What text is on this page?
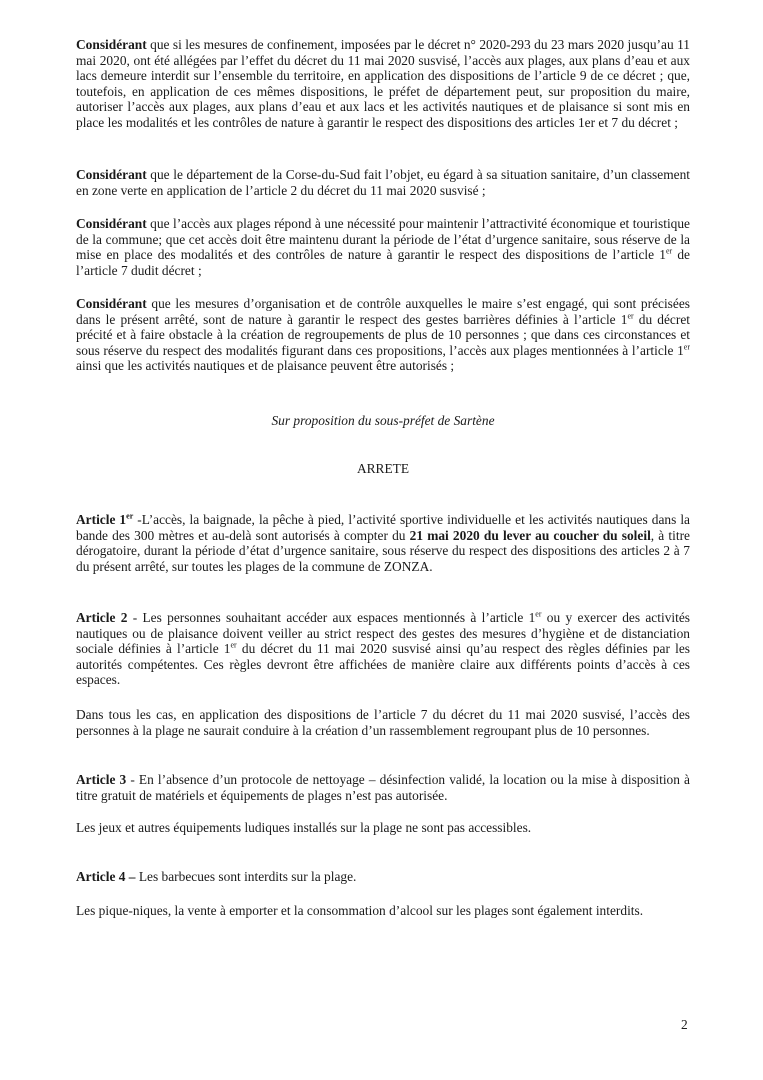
Considérant que si les mesures de confinement, imposées par le décret n° 2020-293 du 23 mars 2020 jusqu’au 11 mai 2020, ont été allégées par l’effet du décret du 11 mai 2020 susvisé, l’accès aux plages, aux plans d’eau et aux lacs demeure interdit sur l’ensemble du territoire, en application des dispositions de l’article 9 de ce décret ; que, toutefois, en application de ces mêmes dispositions, le préfet de département peut, sur proposition du maire, autoriser l’accès aux plages, aux plans d’eau et aux lacs et les activités nautiques et de plaisance si sont mis en place les modalités et les contrôles de nature à garantir le respect des dispositions des articles 1er et 7 du décret ;

Considérant que le département de la Corse-du-Sud fait l’objet, eu égard à sa situation sanitaire, d’un classement en zone verte en application de l’article 2 du décret du 11 mai 2020 susvisé ;

Considérant que l’accès aux plages répond à une nécessité pour maintenir l’attractivité économique et touristique de la commune; que cet accès doit être maintenu durant la période de l’état d’urgence sanitaire, sous réserve de la mise en place des modalités et des contrôles de nature à garantir le respect des dispositions de l’article 1er de l’article 7 dudit décret ;

Considérant que les mesures d’organisation et de contrôle auxquelles le maire s’est engagé, qui sont précisées dans le présent arrêté, sont de nature à garantir le respect des gestes barrières définies à l’article 1er du décret précité et à faire obstacle à la création de regroupements de plus de 10 personnes ; que dans ces circonstances et sous réserve du respect des modalités figurant dans ces propositions, l’accès aux plages mentionnées à l’article 1er ainsi que les activités nautiques et de plaisance peuvent être autorisés ;

Sur proposition du sous-préfet de Sartène
ARRETE

Article 1er -L’accès, la baignade, la pêche à pied, l’activité sportive individuelle et les activités nautiques dans la bande des 300 mètres et au-delà sont autorisés à compter du 21 mai 2020 du lever au coucher du soleil, à titre dérogatoire, durant la période d’état d’urgence sanitaire, sous réserve du respect des dispositions des articles 2 à 7 du présent arrêté, sur toutes les plages de la commune de ZONZA.

Article 2 - Les personnes souhaitant accéder aux espaces mentionnés à l’article 1er ou y exercer des activités nautiques ou de plaisance doivent veiller au strict respect des gestes des mesures d’hygiène et de distanciation sociale définies à l’article 1er du décret du 11 mai 2020 susvisé ainsi qu’au respect des règles définies par les autorités compétentes. Ces règles devront être affichées de manière claire aux différents points d’accès à ces espaces.

Dans tous les cas, en application des dispositions de l’article 7 du décret du 11 mai 2020 susvisé, l’accès des personnes à la plage ne saurait conduire à la création d’un rassemblement regroupant plus de 10 personnes.

Article 3 - En l’absence d’un protocole de nettoyage – désinfection validé, la location ou la mise à disposition à titre gratuit de matériels et équipements de plages n’est pas autorisée.

Les jeux et autres équipements ludiques installés sur la plage ne sont pas accessibles.

Article 4 – Les barbecues sont interdits sur la plage.

Les pique-niques, la vente à emporter et la consommation d’alcool sur les plages sont également interdits.

2
